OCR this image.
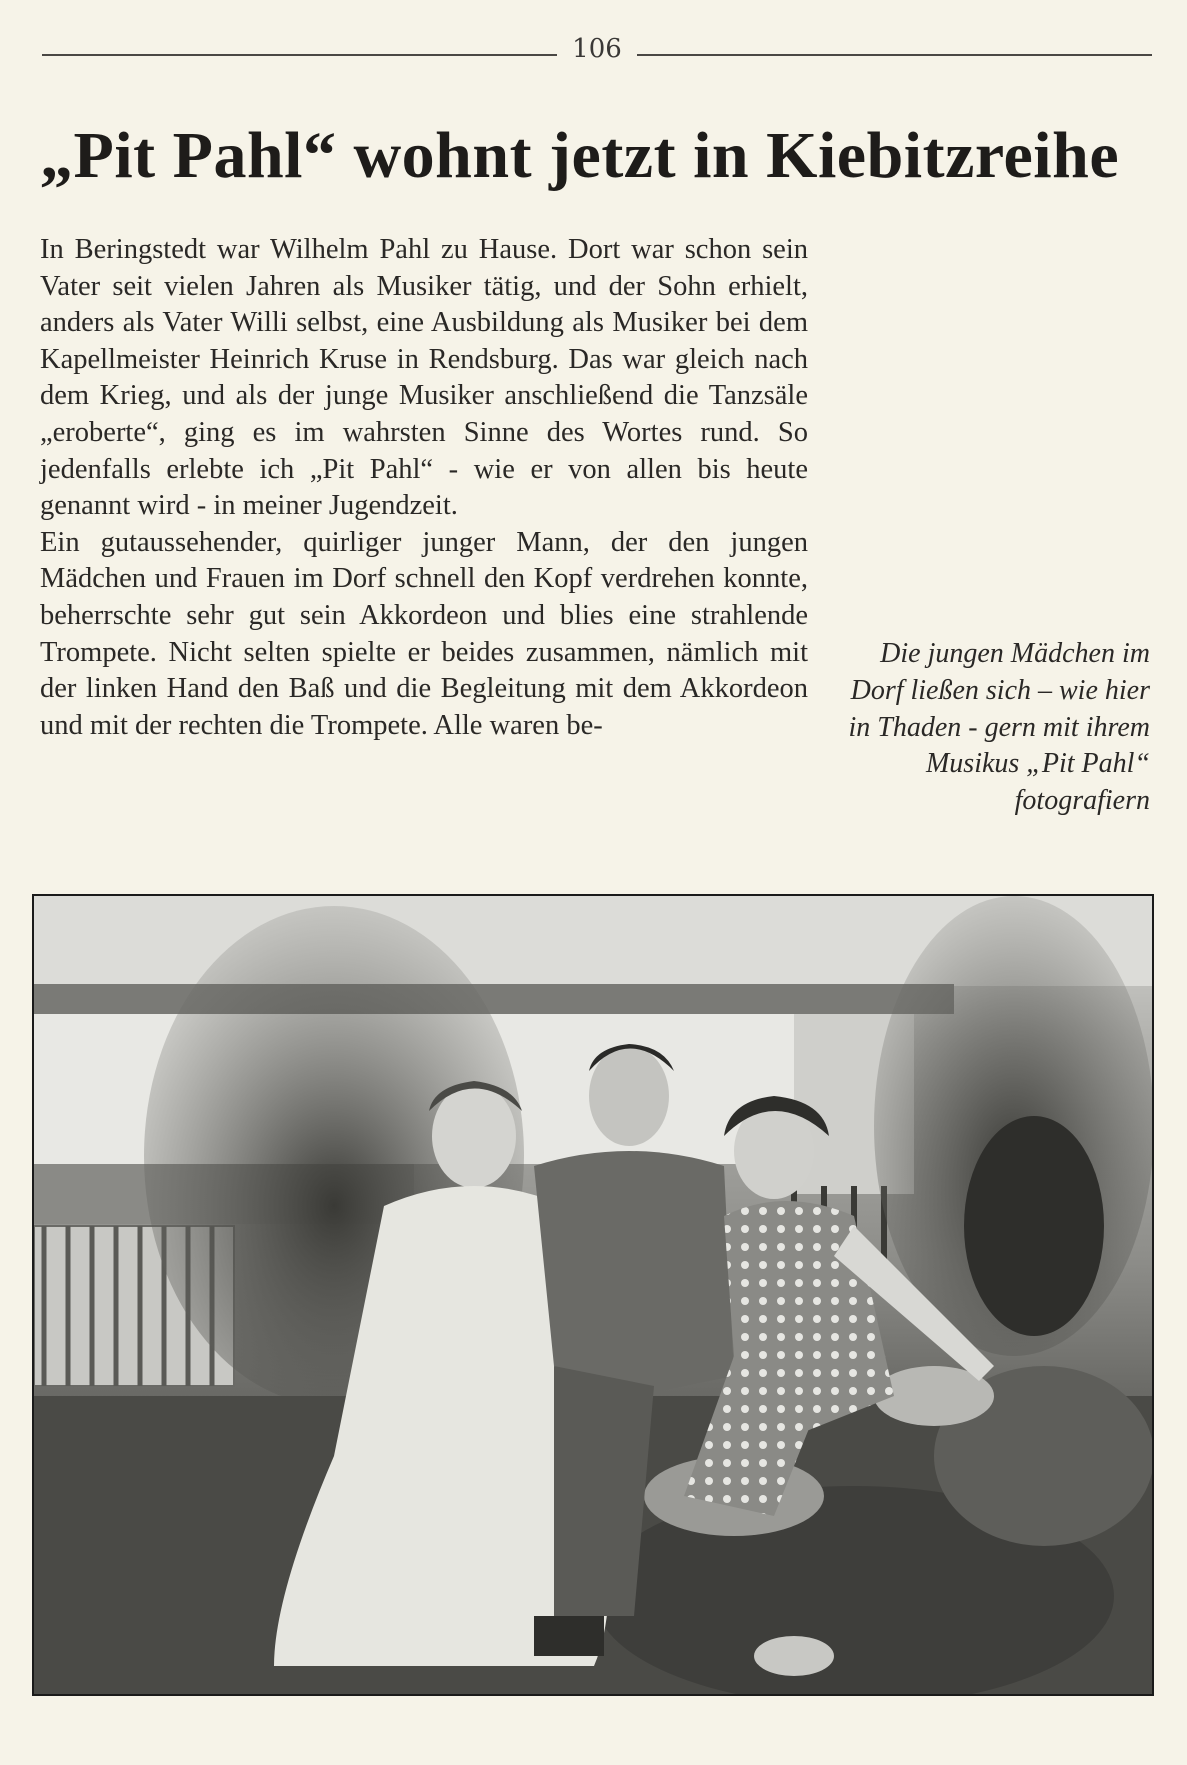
106
„Pit Pahl“ wohnt jetzt in Kiebitzreihe

In Beringstedt war Wilhelm Pahl zu Hause. Dort war schon sein Vater seit vielen Jahren als Musiker tätig, und der Sohn erhielt, anders als Vater Willi selbst, eine Ausbildung als Musiker bei dem Kapellmeister Heinrich Kruse in Rendsburg. Das war gleich nach dem Krieg, und als der junge Musiker anschließend die Tanzsäle „eroberte“, ging es im wahrsten Sinne des Wortes rund. So jedenfalls erlebte ich „Pit Pahl“ - wie er von allen bis heute genannt wird - in meiner Jugendzeit.

Ein gutaussehender, quirliger junger Mann, der den jungen Mädchen und Frauen im Dorf schnell den Kopf verdrehen konnte, beherrschte sehr gut sein Akkordeon und blies eine strahlende Trompete. Nicht selten spielte er beides zusammen, nämlich mit der linken Hand den Baß und die Begleitung mit dem Akkordeon und mit der rechten die Trompete. Alle waren be-

Die jungen Mädchen im Dorf ließen sich – wie hier in Thaden - gern mit ihrem Musikus „Pit Pahl“ fotografiern
